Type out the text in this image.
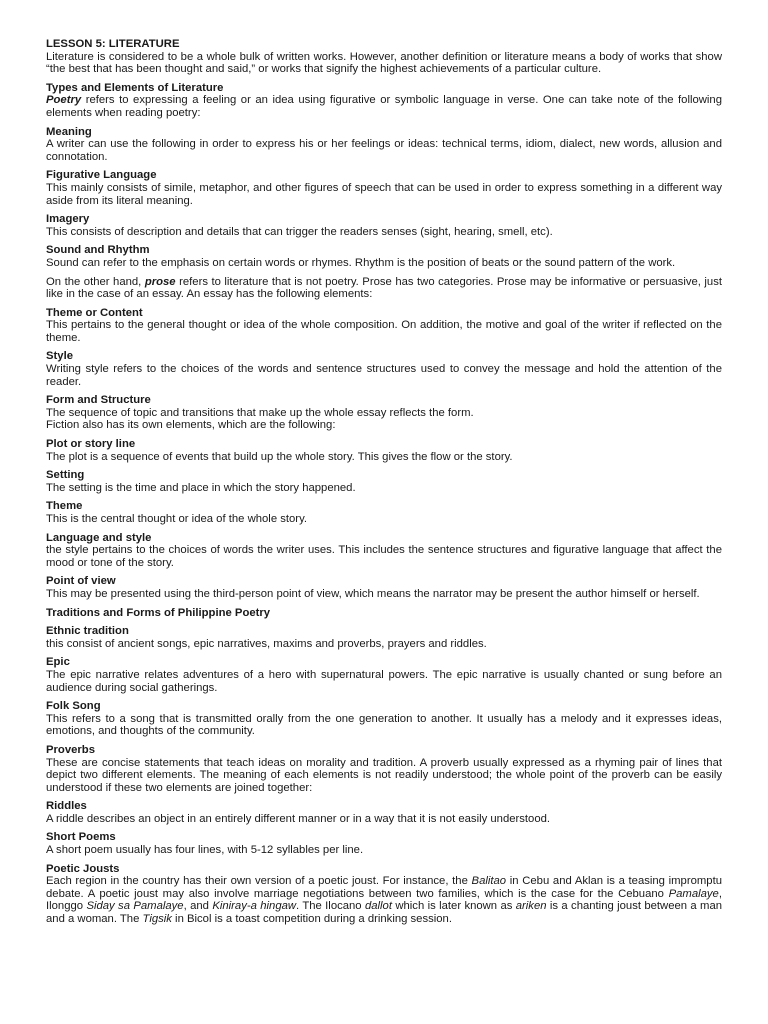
LESSON 5: LITERATURE
Literature is considered to be a whole bulk of written works. However, another definition or literature means a body of works that show “the best that has been thought and said,” or works that signify the highest achievements of a particular culture.
Types and Elements of Literature
Poetry refers to expressing a feeling or an idea using figurative or symbolic language in verse. One can take note of the following elements when reading poetry:
Meaning
A writer can use the following in order to express his or her feelings or ideas: technical terms, idiom, dialect, new words, allusion and connotation.
Figurative Language
This mainly consists of simile, metaphor, and other figures of speech that can be used in order to express something in a different way aside from its literal meaning.
Imagery
This consists of description and details that can trigger the readers senses (sight, hearing, smell, etc).
Sound and Rhythm
Sound can refer to the emphasis on certain words or rhymes. Rhythm is the position of beats or the sound pattern of the work.
On the other hand, prose refers to literature that is not poetry. Prose has two categories. Prose may be informative or persuasive, just like in the case of an essay. An essay has the following elements:
Theme or Content
This pertains to the general thought or idea of the whole composition. On addition, the motive and goal of the writer if reflected on the theme.
Style
Writing style refers to the choices of the words and sentence structures used to convey the message and hold the attention of the reader.
Form and Structure
The sequence of topic and transitions that make up the whole essay reflects the form.
Fiction also has its own elements, which are the following:
Plot or story line
The plot is a sequence of events that build up the whole story. This gives the flow or the story.
Setting
The setting is the time and place in which the story happened.
Theme
This is the central thought or idea of the whole story.
Language and style
the style pertains to the choices of words the writer uses. This includes the sentence structures and figurative language that affect the mood or tone of the story.
Point of view
This may be presented using the third-person point of view, which means the narrator may be present the author himself or herself.
Traditions and Forms of Philippine Poetry
Ethnic tradition
this consist of ancient songs, epic narratives, maxims and proverbs, prayers and riddles.
Epic
The epic narrative relates adventures of a hero with supernatural powers. The epic narrative is usually chanted or sung before an audience during social gatherings.
Folk Song
This refers to a song that is transmitted orally from the one generation to another. It usually has a melody and it expresses ideas, emotions, and thoughts of the community.
Proverbs
These are concise statements that teach ideas on morality and tradition. A proverb usually expressed as a rhyming pair of lines that depict two different elements. The meaning of each elements is not readily understood; the whole point of the proverb can be easily understood if these two elements are joined together:
Riddles
A riddle describes an object in an entirely different manner or in a way that it is not easily understood.
Short Poems
A short poem usually has four lines, with 5-12 syllables per line.
Poetic Jousts
Each region in the country has their own version of a poetic joust. For instance, the Balitao in Cebu and Aklan is a teasing impromptu debate. A poetic joust may also involve marriage negotiations between two families, which is the case for the Cebuano Pamalaye, Ilonggo Siday sa Pamalaye, and Kiniray-a hingaw. The Ilocano dallot which is later known as ariken is a chanting joust between a man and a woman. The Tigsik in Bicol is a toast competition during a drinking session.
